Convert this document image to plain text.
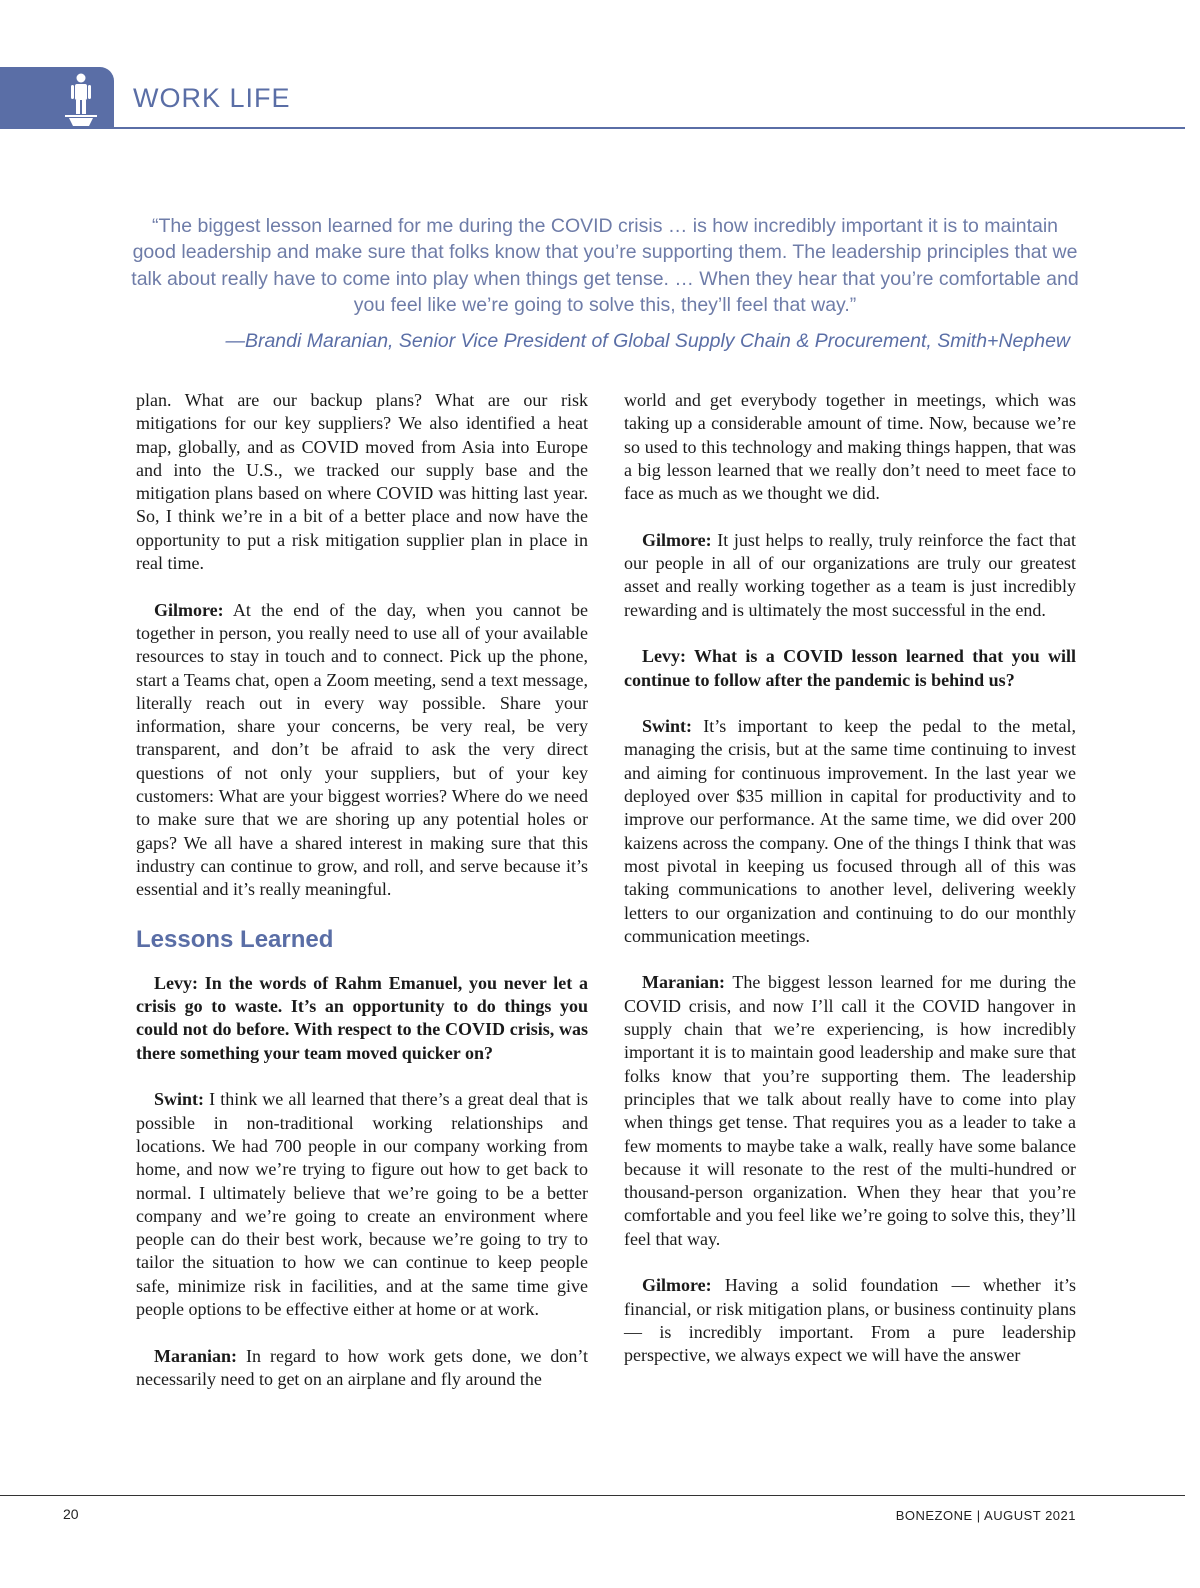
WORK LIFE

“The biggest lesson learned for me during the COVID crisis … is how incredibly important it is to maintain good leadership and make sure that folks know that you’re supporting them. The leadership principles that we talk about really have to come into play when things get tense. … When they hear that you’re comfortable and you feel like we’re going to solve this, they’ll feel that way.”

—Brandi Maranian, Senior Vice President of Global Supply Chain & Procurement, Smith+Nephew

plan. What are our backup plans? What are our risk mitigations for our key suppliers? We also identified a heat map, globally, and as COVID moved from Asia into Europe and into the U.S., we tracked our supply base and the mitigation plans based on where COVID was hitting last year. So, I think we’re in a bit of a better place and now have the opportunity to put a risk mitigation supplier plan in place in real time.

Gilmore: At the end of the day, when you cannot be together in person, you really need to use all of your available resources to stay in touch and to connect. Pick up the phone, start a Teams chat, open a Zoom meeting, send a text message, literally reach out in every way possible. Share your information, share your concerns, be very real, be very transparent, and don’t be afraid to ask the very direct questions of not only your suppliers, but of your key customers: What are your biggest worries? Where do we need to make sure that we are shoring up any potential holes or gaps? We all have a shared interest in making sure that this industry can continue to grow, and roll, and serve because it’s essential and it’s really meaningful.

Lessons Learned

Levy: In the words of Rahm Emanuel, you never let a crisis go to waste. It’s an opportunity to do things you could not do before. With respect to the COVID crisis, was there something your team moved quicker on?

Swint: I think we all learned that there’s a great deal that is possible in non-traditional working relationships and locations. We had 700 people in our company working from home, and now we’re trying to figure out how to get back to normal. I ultimately believe that we’re going to be a better company and we’re going to create an environment where people can do their best work, because we’re going to try to tailor the situation to how we can continue to keep people safe, minimize risk in facilities, and at the same time give people options to be effective either at home or at work.

Maranian: In regard to how work gets done, we don’t necessarily need to get on an airplane and fly around the

world and get everybody together in meetings, which was taking up a considerable amount of time. Now, because we’re so used to this technology and making things happen, that was a big lesson learned that we really don’t need to meet face to face as much as we thought we did.

Gilmore: It just helps to really, truly reinforce the fact that our people in all of our organizations are truly our greatest asset and really working together as a team is just incredibly rewarding and is ultimately the most successful in the end.

Levy: What is a COVID lesson learned that you will continue to follow after the pandemic is behind us?

Swint: It’s important to keep the pedal to the metal, managing the crisis, but at the same time continuing to invest and aiming for continuous improvement. In the last year we deployed over $35 million in capital for productivity and to improve our performance. At the same time, we did over 200 kaizens across the company. One of the things I think that was most pivotal in keeping us focused through all of this was taking communications to another level, delivering weekly letters to our organization and continuing to do our monthly communication meetings.

Maranian: The biggest lesson learned for me during the COVID crisis, and now I’ll call it the COVID hangover in supply chain that we’re experiencing, is how incredibly important it is to maintain good leadership and make sure that folks know that you’re supporting them. The leadership principles that we talk about really have to come into play when things get tense. That requires you as a leader to take a few moments to maybe take a walk, really have some balance because it will resonate to the rest of the multi-hundred or thousand-person organization. When they hear that you’re comfortable and you feel like we’re going to solve this, they’ll feel that way.

Gilmore: Having a solid foundation — whether it’s financial, or risk mitigation plans, or business continuity plans — is incredibly important. From a pure leadership perspective, we always expect we will have the answer

20	BONEZONE | AUGUST 2021
